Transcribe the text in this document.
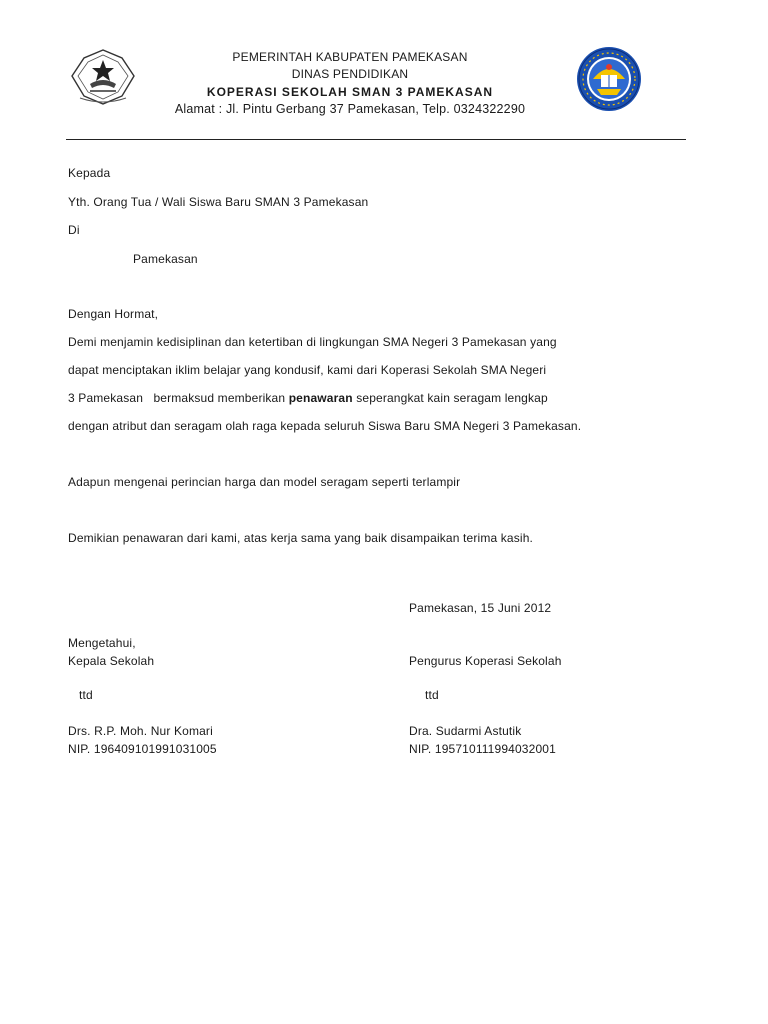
PEMERINTAH KABUPATEN PAMEKASAN
DINAS PENDIDIKAN
KOPERASI SEKOLAH SMAN 3 PAMEKASAN
Alamat : Jl. Pintu Gerbang 37 Pamekasan, Telp. 0324322290
Kepada
Yth. Orang Tua / Wali Siswa Baru SMAN 3 Pamekasan
Di
Pamekasan
Dengan Hormat,
Demi menjamin kedisiplinan dan ketertiban di lingkungan SMA Negeri 3 Pamekasan yang
dapat menciptakan iklim belajar yang kondusif, kami dari Koperasi Sekolah SMA Negeri
3 Pamekasan   bermaksud memberikan penawaran seperangkat kain seragam lengkap
dengan atribut dan seragam olah raga kepada seluruh Siswa Baru SMA Negeri 3 Pamekasan.
Adapun mengenai perincian harga dan model seragam seperti terlampir
Demikian penawaran dari kami, atas kerja sama yang baik disampaikan terima kasih.
Pamekasan, 15 Juni 2012
Mengetahui,
Kepala Sekolah	Pengurus Koperasi Sekolah
ttd	ttd
Drs. R.P. Moh. Nur Komari	Dra. Sudarmi Astutik
NIP. 196409101991031005	NIP. 195710111994032001
